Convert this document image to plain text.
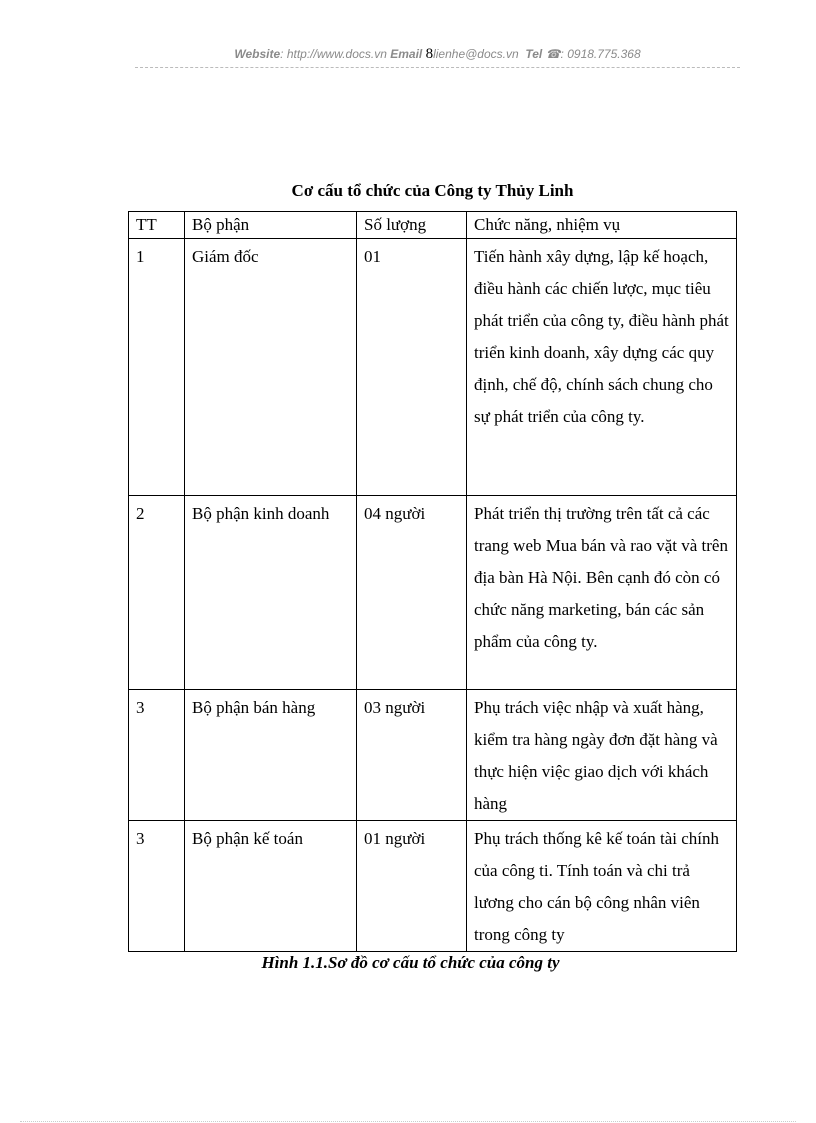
Website: http://www.docs.vn Email 8lienhe@docs.vn Tel ☎: 0918.775.368
Cơ cấu tổ chức của Công ty Thủy Linh
TT	Bộ phận	Số lượng	Chức năng, nhiệm vụ
1	Giám đốc	01	Tiến hành xây dựng, lập kế hoạch, điều hành các chiến lược, mục tiêu phát triển của công ty, điều hành phát triển kinh doanh, xây dựng các quy định, chế độ, chính sách chung cho sự phát triển của công ty.
2	Bộ phận kinh doanh	04 người	Phát triển thị trường trên tất cả các trang web Mua bán và rao vặt và trên địa bàn Hà Nội. Bên cạnh đó còn có chức năng marketing, bán các sản phẩm của công ty.
3	Bộ phận bán hàng	03 người	Phụ trách việc nhập và xuất hàng, kiểm tra hàng ngày đơn đặt hàng và thực hiện việc giao dịch với khách hàng
3	Bộ phận kế toán	01 người	Phụ trách thống kê kế toán tài chính của công ti. Tính toán và chi trả lương cho cán bộ công nhân viên trong công ty
Hình 1.1.Sơ đồ cơ cấu tổ chức của công ty
